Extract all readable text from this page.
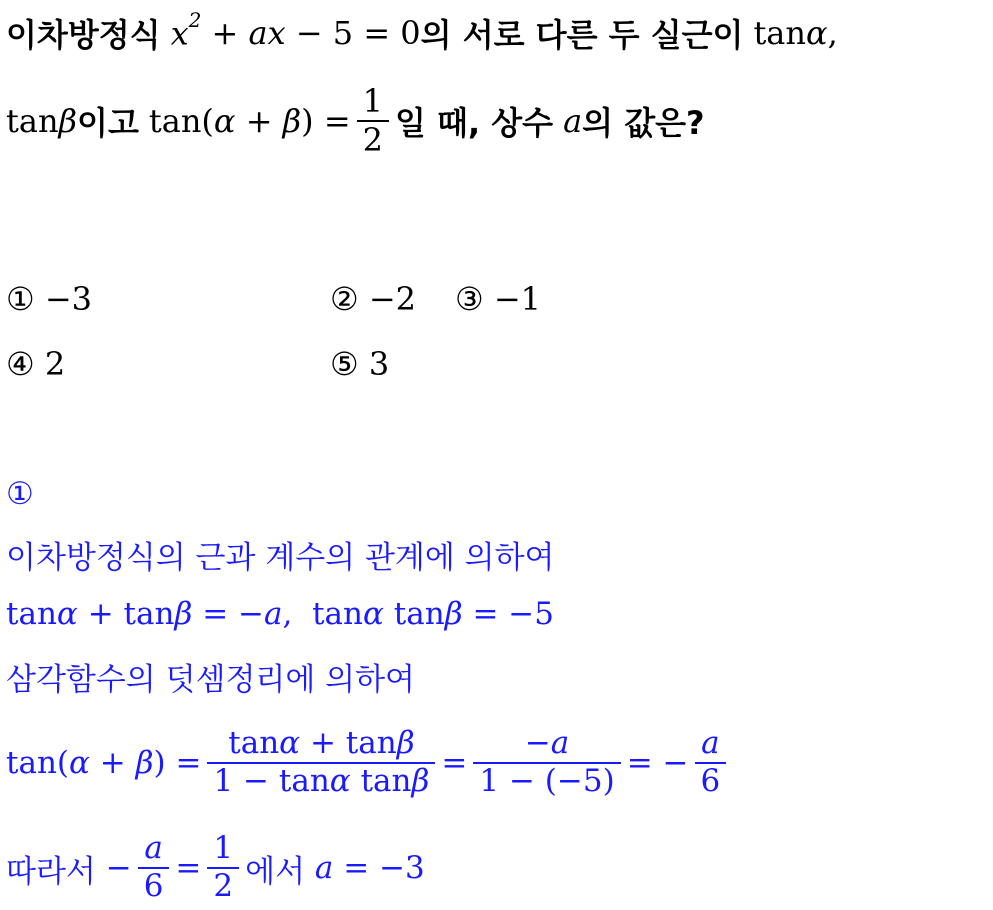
이차방정식 $x^2$ + ax − 5 = 0 의 서로 다른 두 실근이 tanα,
tanβ 이고 $\tan(\alpha + \beta) = \frac{1}{2}$ 일 때, 상수 a 의 값은?
① −3	② −2 ③ −1
④ 2	⑤ 3
①
이차방정식의 근과 계수의 관계에 의하여
tanα + tanβ = −a,  tanα tanβ = −5
삼각함수의 덧셈정리에 의하여
$\tan(\alpha + \beta) = \frac{\tan\alpha + \tan\beta}{\text{1 − tanα tanβ}} = \frac{-a}{1 - (-5)}$ = − $\frac{a}{6}$
따라서 − $\frac{a}{6} = \frac{1}{2}$ 에서 a = −3
